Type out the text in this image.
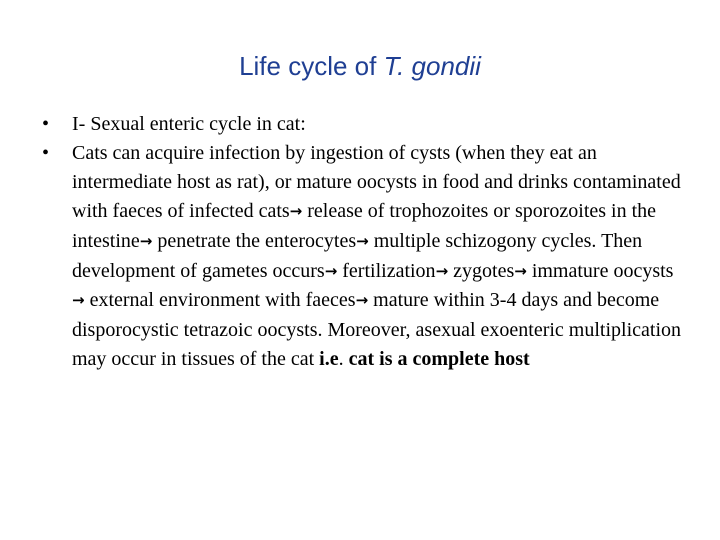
Life cycle of T. gondii
• I- Sexual enteric cycle in cat:
• Cats can acquire infection by ingestion of cysts (when they eat an intermediate host as rat), or mature oocysts in food and drinks contaminated with faeces of infected cats→ release of trophozoites or sporozoites in the intestine→ penetrate the enterocytes→ multiple schizogony cycles. Then development of gametes occurs→ fertilization→ zygotes→ immature oocysts → external environment with faeces→ mature within 3-4 days and become disporocystic tetrazoic oocysts. Moreover, asexual exoenteric multiplication may occur in tissues of the cat i.e. cat is a complete host
